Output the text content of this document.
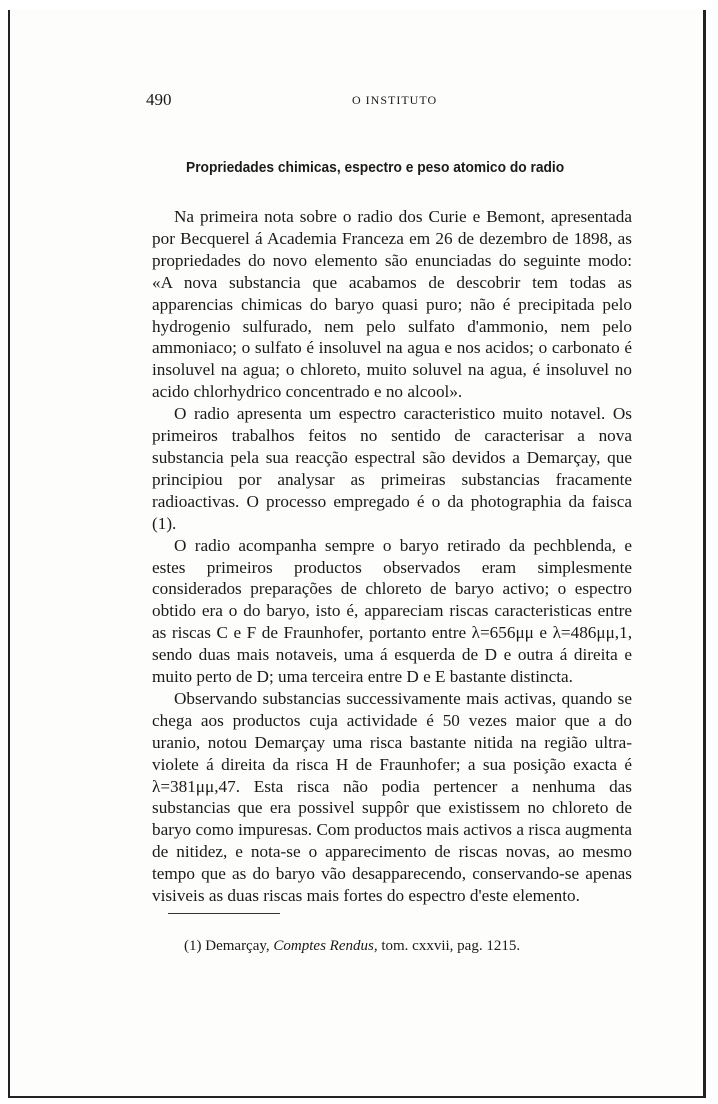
490	O INSTITUTO
Propriedades chimicas, espectro e peso atomico do radio

Na primeira nota sobre o radio dos Curie e Bemont, apresentada por Becquerel á Academia Franceza em 26 de dezembro de 1898, as propriedades do novo elemento são enunciadas do seguinte modo: «A nova substancia que acabamos de descobrir tem todas as apparencias chimicas do baryo quasi puro; não é precipitada pelo hydrogenio sulfurado, nem pelo sulfato d'ammonio, nem pelo ammoniaco; o sulfato é insoluvel na agua e nos acidos; o carbonato é insoluvel na agua; o chloreto, muito soluvel na agua, é insoluvel no acido chlorhydrico concentrado e no alcool».

O radio apresenta um espectro caracteristico muito notavel. Os primeiros trabalhos feitos no sentido de caracterisar a nova substancia pela sua reacção espectral são devidos a Demarçay, que principiou por analysar as primeiras substancias fracamente radioactivas. O processo empregado é o da photographia da faisca (1).

O radio acompanha sempre o baryo retirado da pechblenda, e estes primeiros productos observados eram simplesmente considerados preparações de chloreto de baryo activo; o espectro obtido era o do baryo, isto é, appareciam riscas caracteristicas entre as riscas C e F de Fraunhofer, portanto entre λ=656μμ e λ=486μμ,1, sendo duas mais notaveis, uma á esquerda de D e outra á direita e muito perto de D; uma terceira entre D e E bastante distincta.

Observando substancias successivamente mais activas, quando se chega aos productos cuja actividade é 50 vezes maior que a do uranio, notou Demarçay uma risca bastante nitida na região ultra-violete á direita da risca H de Fraunhofer; a sua posição exacta é λ=381μμ,47. Esta risca não podia pertencer a nenhuma das substancias que era possivel suppôr que existissem no chloreto de baryo como impuresas. Com productos mais activos a risca augmenta de nitidez, e nota-se o apparecimento de riscas novas, ao mesmo tempo que as do baryo vão desapparecendo, conservando-se apenas visiveis as duas riscas mais fortes do espectro d'este elemento.

(1) Demarçay, Comptes Rendus, tom. cxxvii, pag. 1215.
